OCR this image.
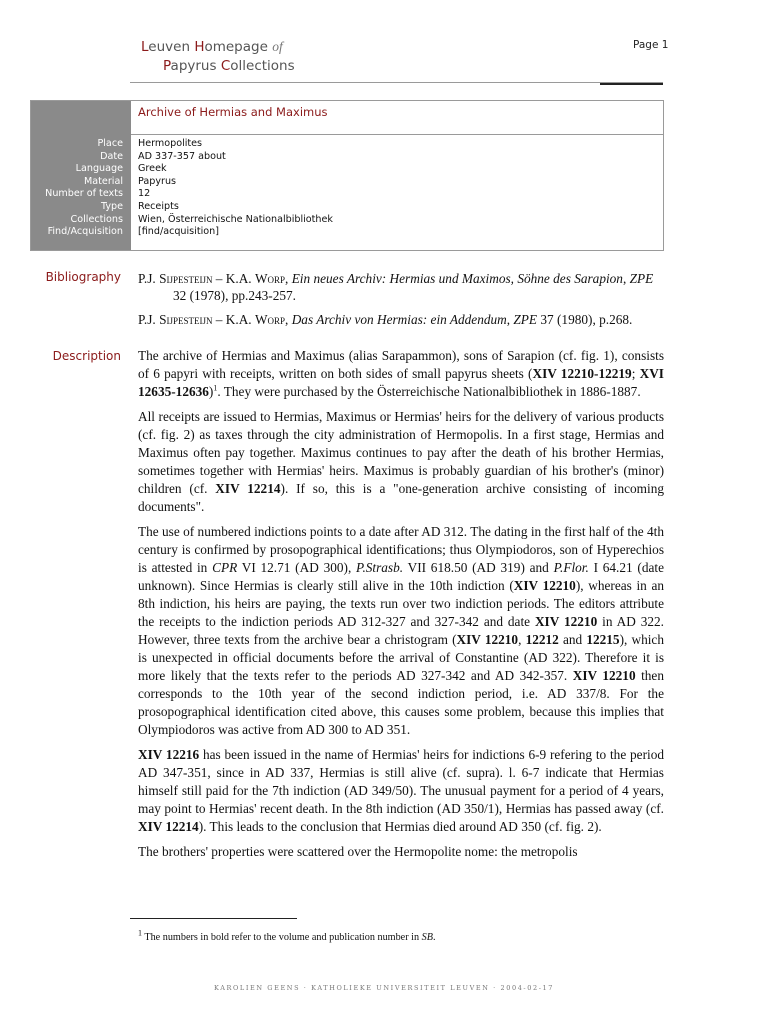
Leuven Homepage of
Papyrus Collections
Page 1
Archive of Hermias and Maximus
Place	Hermopolites
Date	AD 337-357 about
Language	Greek
Material	Papyrus
Number of texts	12
Type	Receipts
Collections	Wien, Österreichische Nationalbibliothek
Find/Acquisition	[find/acquisition]
Bibliography P.J. Sijpesteijn – K.A. Worp, Ein neues Archiv: Hermias und Maximos, Söhne des Sarapion, ZPE 32 (1978), pp.243-257.

P.J. Sijpesteijn – K.A. Worp, Das Archiv von Hermias: ein Addendum, ZPE 37 (1980), p.268.

Description The archive of Hermias and Maximus (alias Sarapammon), sons of Sarapion (cf. fig. 1), consists of 6 papyri with receipts, written on both sides of small papyrus sheets (XIV 12210-12219; XVI 12635-12636)$^1$. They were purchased by the Österreichische Nationalbibliothek in 1886-1887.

All receipts are issued to Hermias, Maximus or Hermias' heirs for the delivery of various products (cf. fig. 2) as taxes through the city administration of Hermopolis. In a first stage, Hermias and Maximus often pay together. Maximus continues to pay after the death of his brother Hermias, sometimes together with Hermias' heirs. Maximus is probably guardian of his brother's (minor) children (cf. XIV 12214). If so, this is a "one-generation archive consisting of incoming documents".

The use of numbered indictions points to a date after AD 312. The dating in the first half of the 4th century is confirmed by prosopographical identifications; thus Olympiodoros, son of Hyperechios is attested in CPR VI 12.71 (AD 300), P.Strasb. VII 618.50 (AD 319) and P.Flor. I 64.21 (date unknown). Since Hermias is clearly still alive in the 10th indiction (XIV 12210), whereas in an 8th indiction, his heirs are paying, the texts run over two indiction periods. The editors attribute the receipts to the indiction periods AD 312-327 and 327-342 and date XIV 12210 in AD 322. However, three texts from the archive bear a christogram (XIV 12210, 12212 and 12215), which is unexpected in official documents before the arrival of Constantine (AD 322). Therefore it is more likely that the texts refer to the periods AD 327-342 and AD 342-357. XIV 12210 then corresponds to the 10th year of the second indiction period, i.e. AD 337/8. For the prosopographical identification cited above, this causes some problem, because this implies that Olympiodoros was active from AD 300 to AD 351.

XIV 12216 has been issued in the name of Hermias' heirs for indictions 6-9 refering to the period AD 347-351, since in AD 337, Hermias is still alive (cf. supra). l. 6-7 indicate that Hermias himself still paid for the 7th indiction (AD 349/50). The unusual payment for a period of 4 years, may point to Hermias' recent death. In the 8th indiction (AD 350/1), Hermias has passed away (cf. XIV 12214). This leads to the conclusion that Hermias died around AD 350 (cf. fig. 2).

The brothers' properties were scattered over the Hermopolite nome: the metropolis

$^1$ The numbers in bold refer to the volume and publication number in SB.
KAROLIEN GEENS · KATHOLIEKE UNIVERSITEIT LEUVEN · 2004-02-17
